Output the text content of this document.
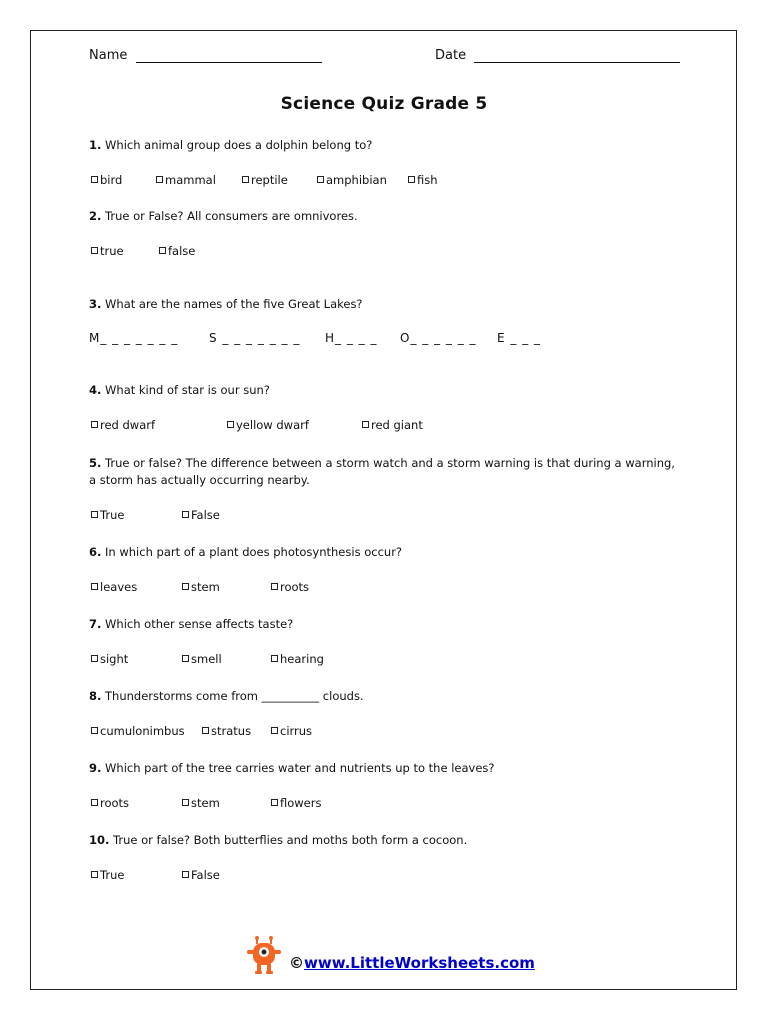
Name	Date
Science Quiz Grade 5
1. Which animal group does a dolphin belong to?
bird	mammal	reptile	amphibian	fish
2. True or False? All consumers are omnivores.
true	false
3. What are the names of the five Great Lakes?
M_ _ _ _ _ _ _	S _ _ _ _ _ _ _ H_ _ _ _ O_ _ _ _ _ _ E _ _ _
4. What kind of star is our sun?
red dwarf	yellow dwarf	red giant
5. True or false? The difference between a storm watch and a storm warning is that during a warning, a storm has actually occurring nearby.
True	False
6. In which part of a plant does photosynthesis occur?
leaves	stem	roots
7. Which other sense affects taste?
sight	smell	hearing
8. Thunderstorms come from __________ clouds.
cumulonimbus	stratus	cirrus
9. Which part of the tree carries water and nutrients up to the leaves?
roots	stem	flowers
10. True or false? Both butterflies and moths both form a cocoon.
True	False
©www.LittleWorksheets.com
